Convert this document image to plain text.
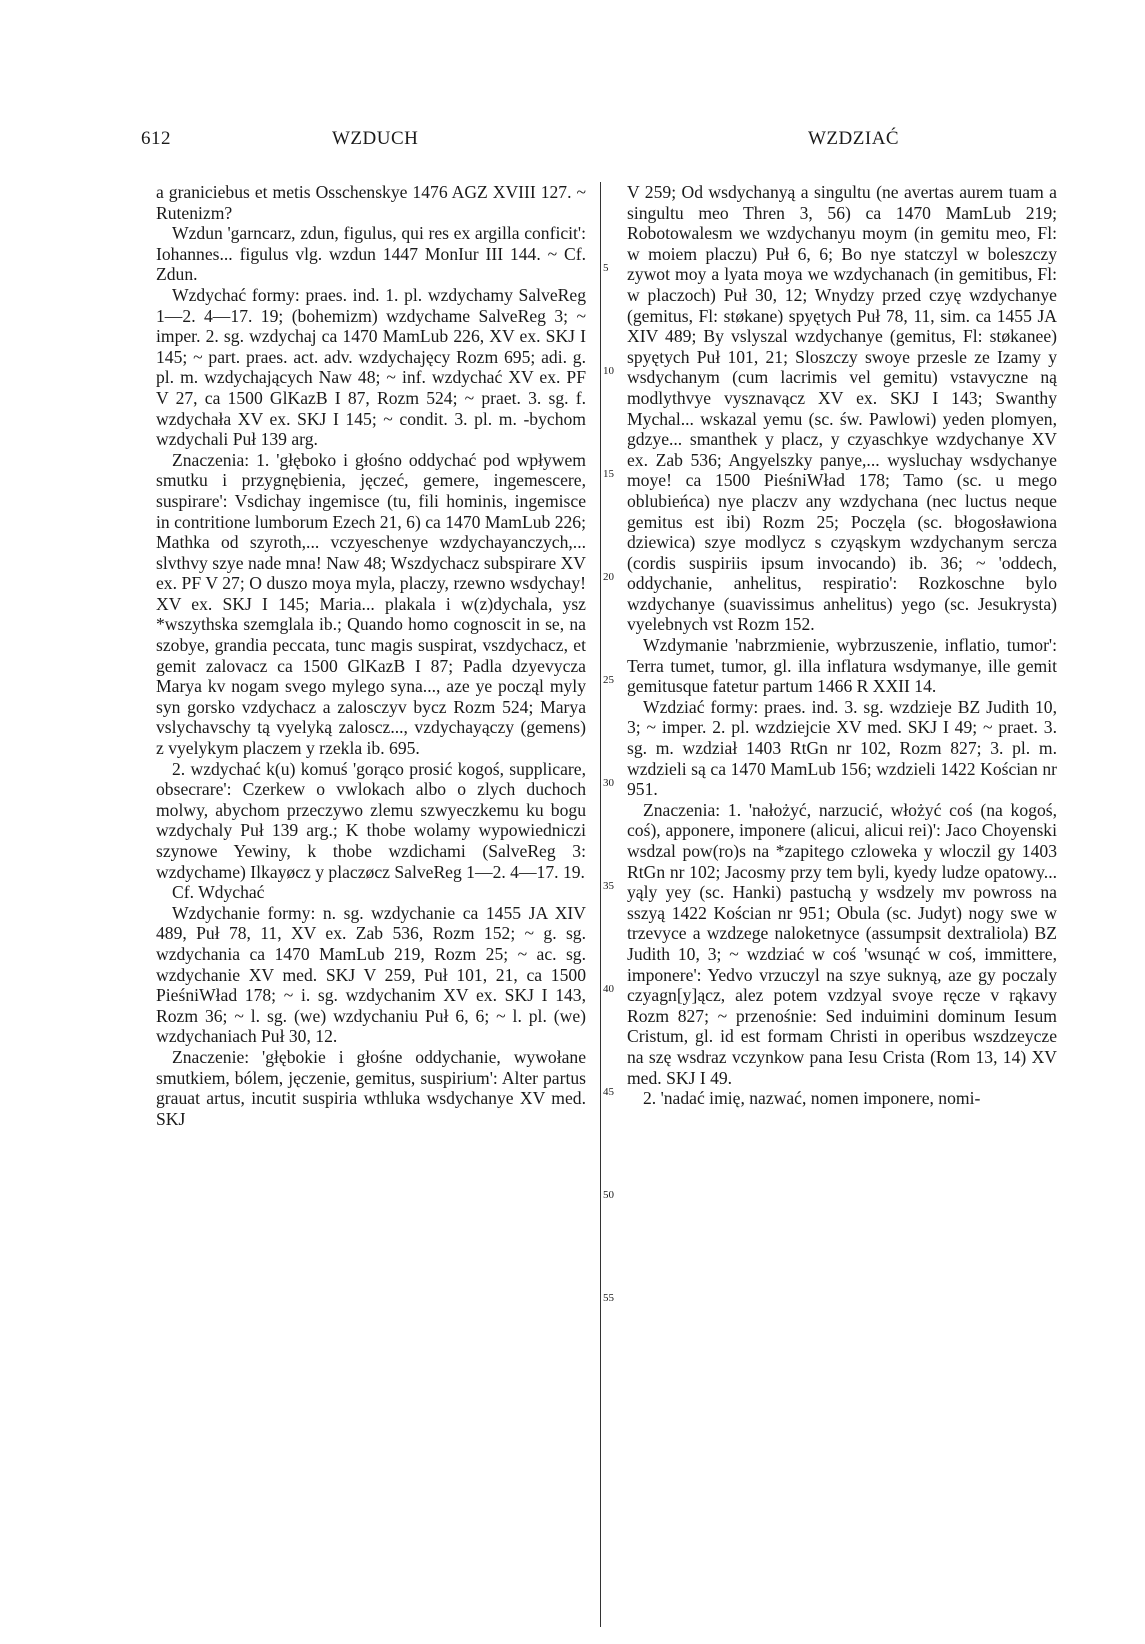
612	WZDUCH	WZDZIAĆ

a graniciebus et metis Osschenskye 1476 AGZ XVIII 127. ~ Rutenizm?

Wzdun 'garncarz, zdun, figulus, qui res ex argilla conficit': Iohannes... figulus vlg. wzdun 1447 MonIur III 144. ~ Cf. Zdun.

Wzdychać formy: praes. ind. 1. pl. wzdychamy SalveReg 1—2. 4—17. 19; (bohemizm) wzdychame SalveReg 3; ~ imper. 2. sg. wzdychaj ca 1470 MamLub 226, XV ex. SKJ I 145; ~ part. praes. act. adv. wzdychajęcy Rozm 695; adi. g. pl. m. wzdychających Naw 48; ~ inf. wzdychać XV ex. PF V 27, ca 1500 GlKazB I 87, Rozm 524; ~ praet. 3. sg. f. wzdychała XV ex. SKJ I 145; ~ condit. 3. pl. m. -bychom wzdychali Puł 139 arg.

Znaczenia: 1. 'głęboko i głośno oddychać pod wpływem smutku i przygnębienia, jęczeć, gemere, ingemescere, suspirare': Vsdichay ingemisce (tu, fili hominis, ingemisce in contritione lumborum Ezech 21, 6) ca 1470 MamLub 226; Mathka od szyroth,... vczyeschenye wzdychayanczych,... slvthvy szye nade mna! Naw 48; Wszdychacz subspirare XV ex. PF V 27; O duszo moya myla, placzy, rzewno wsdychay! XV ex. SKJ I 145; Maria... plakala i w(z)dychala, ysz *wszythska szemglala ib.; Quando homo cognoscit in se, na szobye, grandia peccata, tunc magis suspirat, vszdychacz, et gemit zalovacz ca 1500 GlKazB I 87; Padla dzyevycza Marya kv nogam svego mylego syna..., aze ye począl myly syn gorsko vzdychacz a zalosczyv bycz Rozm 524; Marya vslychavschy tą vyelyką zaloscz..., vzdychayączy (gemens) z vyelykym placzem y rzekla ib. 695.

2. wzdychać k(u) komuś 'gorąco prosić kogoś, supplicare, obsecrare': Czerkew o vwlokach albo o zlych duchoch molwy, abychom przeczywo zlemu szwyeczkemu ku bogu wzdychaly Puł 139 arg.; K thobe wolamy wypowiedniczi szynowe Yewiny, k thobe wzdichami (SalveReg 3: wzdychame) Ilkayøcz y placzøcz SalveReg 1—2. 4—17. 19.

Cf. Wdychać

Wzdychanie formy: n. sg. wzdychanie ca 1455 JA XIV 489, Puł 78, 11, XV ex. Zab 536, Rozm 152; ~ g. sg. wzdychania ca 1470 MamLub 219, Rozm 25; ~ ac. sg. wzdychanie XV med. SKJ V 259, Puł 101, 21, ca 1500 PieśniWład 178; ~ i. sg. wzdychanim XV ex. SKJ I 143, Rozm 36; ~ l. sg. (we) wzdychaniu Puł 6, 6; ~ l. pl. (we) wzdychaniach Puł 30, 12.

Znaczenie: 'głębokie i głośne oddychanie, wywołane smutkiem, bólem, jęczenie, gemitus, suspirium': Alter partus grauat artus, incutit suspiria wthluka wsdychanye XV med. SKJ

5
10
15
20
25
30
35
40
45
50
55

V 259; Od wsdychanyą a singultu (ne avertas aurem tuam a singultu meo Thren 3, 56) ca 1470 MamLub 219; Robotowalesm we wzdychanyu moym (in gemitu meo, Fl: w moiem placzu) Puł 6, 6; Bo nye statczyl w boleszczy zywot moy a lyata moya we wzdychanach (in gemitibus, Fl: w placzoch) Puł 30, 12; Wnydzy przed czyę wzdychanye (gemitus, Fl: støkane) spyętych Puł 78, 11, sim. ca 1455 JA XIV 489; By vslyszal wzdychanye (gemitus, Fl: støkanee) spyętych Puł 101, 21; Sloszczy swoye przesle ze Izamy y wsdychanym (cum lacrimis vel gemitu) vstavyczne ną modlythvye vysznavącz XV ex. SKJ I 143; Swanthy Mychal... wskazal yemu (sc. św. Pawlowi) yeden plomyen, gdzye... smanthek y placz, y czyaschkye wzdychanye XV ex. Zab 536; Angyelszky panye,... wysluchay wsdychanye moye! ca 1500 PieśniWład 178; Tamo (sc. u mego oblubieńca) nye placzv any wzdychana (nec luctus neque gemitus est ibi) Rozm 25; Poczęla (sc. błogosławiona dziewica) szye modlycz s czyąskym wzdychanym sercza (cordis suspiriis ipsum invocando) ib. 36; ~ 'oddech, oddychanie, anhelitus, respiratio': Rozkoschne bylo wzdychanye (suavissimus anhelitus) yego (sc. Jesukrysta) vyelebnych vst Rozm 152.

Wzdymanie 'nabrzmienie, wybrzuszenie, inflatio, tumor': Terra tumet, tumor, gl. illa inflatura wsdymanye, ille gemit gemitusque fatetur partum 1466 R XXII 14.

Wzdziać formy: praes. ind. 3. sg. wzdzieje BZ Judith 10, 3; ~ imper. 2. pl. wzdziejcie XV med. SKJ I 49; ~ praet. 3. sg. m. wzdział 1403 RtGn nr 102, Rozm 827; 3. pl. m. wzdzieli są ca 1470 MamLub 156; wzdzieli 1422 Kościan nr 951.

Znaczenia: 1. 'nałożyć, narzucić, włożyć coś (na kogoś, coś), apponere, imponere (alicui, alicui rei)': Jaco Choyenski wsdzal pow(ro)s na *zapitego czloweka y wloczil gy 1403 RtGn nr 102; Jacosmy przy tem byli, kyedy ludze opatowy... yąly yey (sc. Hanki) pastuchą y wsdzely mv powross na sszyą 1422 Kościan nr 951; Obula (sc. Judyt) nogy swe w trzevyce a wzdzege naloketnyce (assumpsit dextraliola) BZ Judith 10, 3; ~ wzdziać w coś 'wsunąć w coś, immittere, imponere': Yedvo vrzuczyl na szye suknyą, aze gy poczaly czyagn[y]ącz, alez potem vzdzyal svoye ręcze v rąkavy Rozm 827; ~ przenośnie: Sed induimini dominum Iesum Cristum, gl. id est formam Christi in operibus wszdzeycze na szę wsdraz vczynkow pana Iesu Crista (Rom 13, 14) XV med. SKJ I 49.

2. 'nadać imię, nazwać, nomen imponere, nomi-
